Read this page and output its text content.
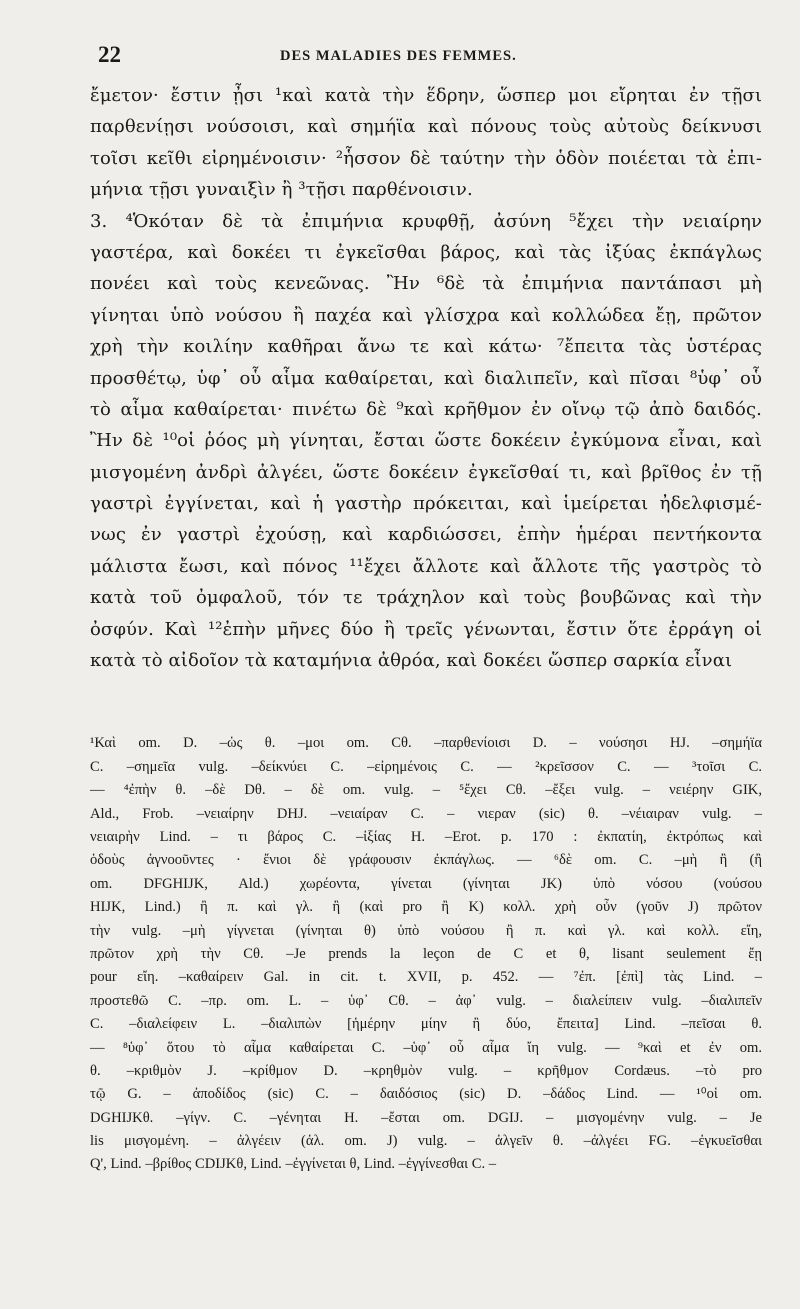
22	DES MALADIES DES FEMMES.
ἔμετον· ἔστιν ᾖσι ¹καὶ κατὰ τὴν ἕδρην, ὥσπερ μοι εἴρηται ἐν τῇσι
παρθενίῃσι νούσοισι, καὶ σημήϊα καὶ πόνους τοὺς αὐτοὺς δείκνυσι
τοῖσι κεῖθι εἰρημένοισιν· ²ἧσσον δὲ ταύτην τὴν ὁδὸν ποιέεται τὰ ἐπι-
μήνια τῇσι γυναιξὶν ἢ ³τῇσι παρθένοισιν.
3. ⁴Ὁκόταν δὲ τὰ ἐπιμήνια κρυφθῇ, ἀσύνη ⁵ἔχει τὴν νειαίρην
γαστέρα, καὶ δοκέει τι ἐγκεῖσθαι βάρος, καὶ τὰς ἰξύας ἐκπάγλως
πονέει καὶ τοὺς κενεῶνας. Ἢν ⁶δὲ τὰ ἐπιμήνια παντάπασι μὴ
γίνηται ὑπὸ νούσου ἢ παχέα καὶ γλίσχρα καὶ κολλώδεα ἔῃ, πρῶτον
χρὴ τὴν κοιλίην καθῆραι ἄνω τε καὶ κάτω· ⁷ἔπειτα τὰς ὑστέρας
προσθέτῳ, ὑφ᾽ οὗ αἷμα καθαίρεται, καὶ διαλιπεῖν, καὶ πῖσαι ⁸ὑφ᾽ οὗ
τὸ αἷμα καθαίρεται· πινέτω δὲ ⁹καὶ κρῆθμον ἐν οἴνῳ τῷ ἀπὸ δαιδός.
Ἢν δὲ ¹⁰οἱ ῥόος μὴ γίνηται, ἔσται ὥστε δοκέειν ἐγκύμονα εἶναι, καὶ
μισγομένη ἀνδρὶ ἀλγέει, ὥστε δοκέειν ἐγκεῖσθαί τι, καὶ βρῖθος ἐν τῇ
γαστρὶ ἐγγίνεται, καὶ ἡ γαστὴρ πρόκειται, καὶ ἱμείρεται ἠδελφισμέ-
νως ἐν γαστρὶ ἐχούσῃ, καὶ καρδιώσσει, ἐπὴν ἡμέραι πεντήκοντα
μάλιστα ἔωσι, καὶ πόνος ¹¹ἔχει ἄλλοτε καὶ ἄλλοτε τῆς γαστρὸς τὸ
κατὰ τοῦ ὀμφαλοῦ, τόν τε τράχηλον καὶ τοὺς βουβῶνας καὶ τὴν
ὀσφύν. Καὶ ¹²ἐπὴν μῆνες δύο ἢ τρεῖς γένωνται, ἔστιν ὅτε ἐρράγη οἱ
κατὰ τὸ αἰδοῖον τὰ καταμήνια ἀθρόα, καὶ δοκέει ὥσπερ σαρκία εἶναι
¹Καὶ om. D. –ὡς θ. –μοι om. Cθ. –παρθενίοισι D. – νούσησι HJ. –σημήϊα
C. –σημεῖα vulg. –δείκνύει C. –εἰρημένοις C. — ²κρεῖσσον C. — ³τοῖσι C.
— ⁴ἐπὴν θ. –δὲ Dθ. – δὲ om. vulg. – ⁵ἔχει Cθ. –ἔξει vulg. – νειέρην GIK,
Ald., Frob. –νειαίρην DHJ. –νειαίραν C. – νιεραν (sic) θ. –νέιαιραν vulg. –
νειαιρὴν Lind. – τι βάρος C. –ἰξίας H. –Erot. p. 170 : ἐκπατίη, ἐκτρόπως καὶ
ὁδοὺς ἀγνοοῦντες · ἔνιοι δὲ γράφουσιν ἐκπάγλως. — ⁶δὲ om. C. –μὴ ἢ (ἢ
om. DFGHIJK, Ald.) χωρέοντα, γίνεται (γίνηται JK) ὑπὸ νόσου (νούσου
HIJK, Lind.) ἢ π. καὶ γλ. ἢ (καὶ pro ἢ K) κολλ. χρὴ οὖν (γοῦν J) πρῶτον
τὴν vulg. –μὴ γίγνεται (γίνηται θ) ὑπὸ νούσου ἢ π. καὶ γλ. καὶ κολλ. εἴη,
πρῶτον χρὴ τὴν Cθ. –Je prends la leçon de C et θ, lisant seulement ἔῃ
pour εἴη. –καθαίρειν Gal. in cit. t. XVII, p. 452. — ⁷ἐπ. [ἐπὶ] τὰς Lind. –
προστεθῶ C. –πρ. om. L. – ὑφ᾽ Cθ. – ἀφ᾽ vulg. – διαλείπειν vulg. –διαλιπεῖν
C. –διαλείφειν L. –διαλιπὼν [ἡμέρην μίην ἢ δύο, ἔπειτα] Lind. –πεῖσαι θ.
— ⁸ὑφ᾽ ὅτου τὸ αἷμα καθαίρεται C. –ὑφ᾽ οὗ αἷμα ἴη vulg. — ⁹καὶ et ἐν om.
θ. –κριθμὸν J. –κρίθμον D. –κρηθμὸν vulg. – κρῆθμον Cordæus. –τὸ pro
τῷ G. – ἀποδίδος (sic) C. – δαιδόσιος (sic) D. –δάδος Lind. — ¹⁰οἱ om.
DGHIJKθ. –γίγν. C. –γένηται H. –ἔσται om. DGIJ. – μισγομένην vulg. – Je
lis μισγομένη. – ἀλγέειν (ἀλ. om. J) vulg. – ἀλγεῖν θ. –ἀλγέει FG. –ἐγκυεῖσθαι
Q', Lind. –βρίθος CDIJKθ, Lind. –ἐγγίνεται θ, Lind. –ἐγγίνεσθαι C. –
